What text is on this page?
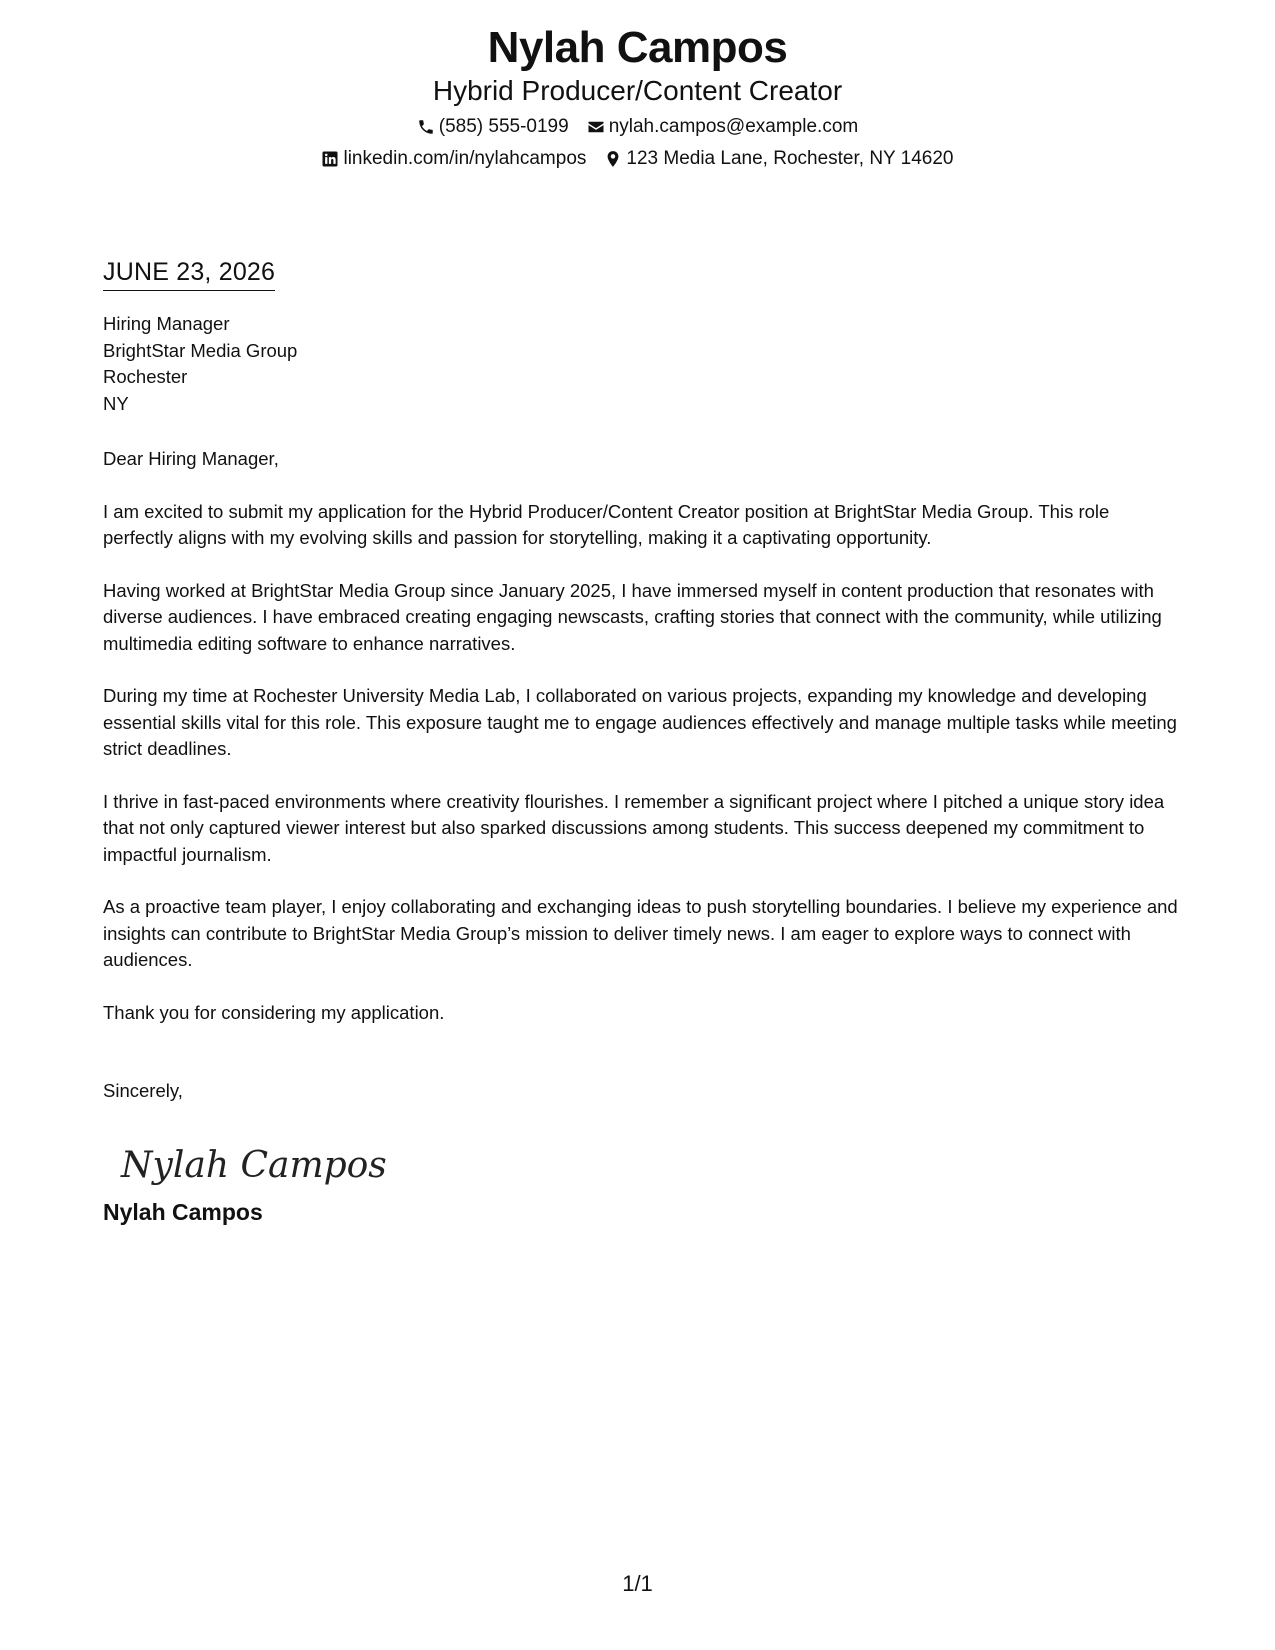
Nylah Campos
Hybrid Producer/Content Creator
(585) 555-0199 nylah.campos@example.com
linkedin.com/in/nylahcampos 123 Media Lane, Rochester, NY 14620
JUNE 23, 2026
Hiring Manager
BrightStar Media Group
Rochester
NY
Dear Hiring Manager,

I am excited to submit my application for the Hybrid Producer/Content Creator position at BrightStar Media Group. This role perfectly aligns with my evolving skills and passion for storytelling, making it a captivating opportunity.

Having worked at BrightStar Media Group since January 2025, I have immersed myself in content production that resonates with diverse audiences. I have embraced creating engaging newscasts, crafting stories that connect with the community, while utilizing multimedia editing software to enhance narratives.

During my time at Rochester University Media Lab, I collaborated on various projects, expanding my knowledge and developing essential skills vital for this role. This exposure taught me to engage audiences effectively and manage multiple tasks while meeting strict deadlines.

I thrive in fast-paced environments where creativity flourishes. I remember a significant project where I pitched a unique story idea that not only captured viewer interest but also sparked discussions among students. This success deepened my commitment to impactful journalism.

As a proactive team player, I enjoy collaborating and exchanging ideas to push storytelling boundaries. I believe my experience and insights can contribute to BrightStar Media Group’s mission to deliver timely news. I am eager to explore ways to connect with audiences.

Thank you for considering my application.

Sincerely,
Nylah Campos
Nylah Campos
1/1
